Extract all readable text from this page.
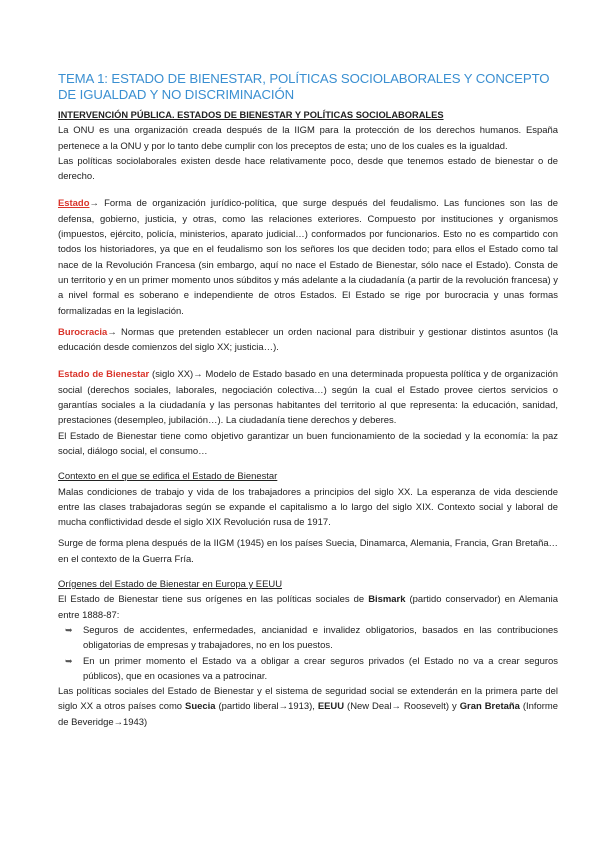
TEMA 1: ESTADO DE BIENESTAR, POLÍTICAS SOCIOLABORALES Y CONCEPTO DE IGUALDAD Y NO DISCRIMINACIÓN

INTERVENCIÓN PÚBLICA. ESTADOS DE BIENESTAR Y POLÍTICAS SOCIOLABORALES

La ONU es una organización creada después de la IIGM para la protección de los derechos humanos. España pertenece a la ONU y por lo tanto debe cumplir con los preceptos de esta; uno de los cuales es la igualdad.

Las políticas sociolaborales existen desde hace relativamente poco, desde que tenemos estado de bienestar o de derecho.

Estado→ Forma de organización jurídico-política, que surge después del feudalismo. Las funciones son las de defensa, gobierno, justicia, y otras, como las relaciones exteriores. Compuesto por instituciones y organismos (impuestos, ejército, policía, ministerios, aparato judicial…) conformados por funcionarios. Esto no es compartido con todos los historiadores, ya que en el feudalismo son los señores los que deciden todo; para ellos el Estado como tal nace de la Revolución Francesa (sin embargo, aquí no nace el Estado de Bienestar, sólo nace el Estado). Consta de un territorio y en un primer momento unos súbditos y más adelante a la ciudadanía (a partir de la revolución francesa) y a nivel formal es soberano e independiente de otros Estados. El Estado se rige por burocracia y unas formas formalizadas en la legislación.

Burocracia→ Normas que pretenden establecer un orden nacional para distribuir y gestionar distintos asuntos (la educación desde comienzos del siglo XX; justicia…).

Estado de Bienestar (siglo XX)→ Modelo de Estado basado en una determinada propuesta política y de organización social (derechos sociales, laborales, negociación colectiva…) según la cual el Estado provee ciertos servicios o garantías sociales a la ciudadanía y las personas habitantes del territorio al que representa: la educación, sanidad, prestaciones (desempleo, jubilación…). La ciudadanía tiene derechos y deberes.

El Estado de Bienestar tiene como objetivo garantizar un buen funcionamiento de la sociedad y la economía: la paz social, diálogo social, el consumo…

Contexto en el que se edifica el Estado de Bienestar

Malas condiciones de trabajo y vida de los trabajadores a principios del siglo XX. La esperanza de vida desciende entre las clases trabajadoras según se expande el capitalismo a lo largo del siglo XIX. Contexto social y laboral de mucha conflictividad desde el siglo XIX Revolución rusa de 1917.

Surge de forma plena después de la IIGM (1945) en los países Suecia, Dinamarca, Alemania, Francia, Gran Bretaña… en el contexto de la Guerra Fría.

Orígenes del Estado de Bienestar en Europa y EEUU

El Estado de Bienestar tiene sus orígenes en las políticas sociales de Bismark (partido conservador) en Alemania entre 1888-87:

➥ Seguros de accidentes, enfermedades, ancianidad e invalidez obligatorios, basados en las contribuciones obligatorias de empresas y trabajadores, no en los puestos.
➥ En un primer momento el Estado va a obligar a crear seguros privados (el Estado no va a crear seguros públicos), que en ocasiones va a patrocinar.

Las políticas sociales del Estado de Bienestar y el sistema de seguridad social se extenderán en la primera parte del siglo XX a otros países como Suecia (partido liberal→1913), EEUU (New Deal→ Roosevelt) y Gran Bretaña (Informe de Beveridge→1943)
